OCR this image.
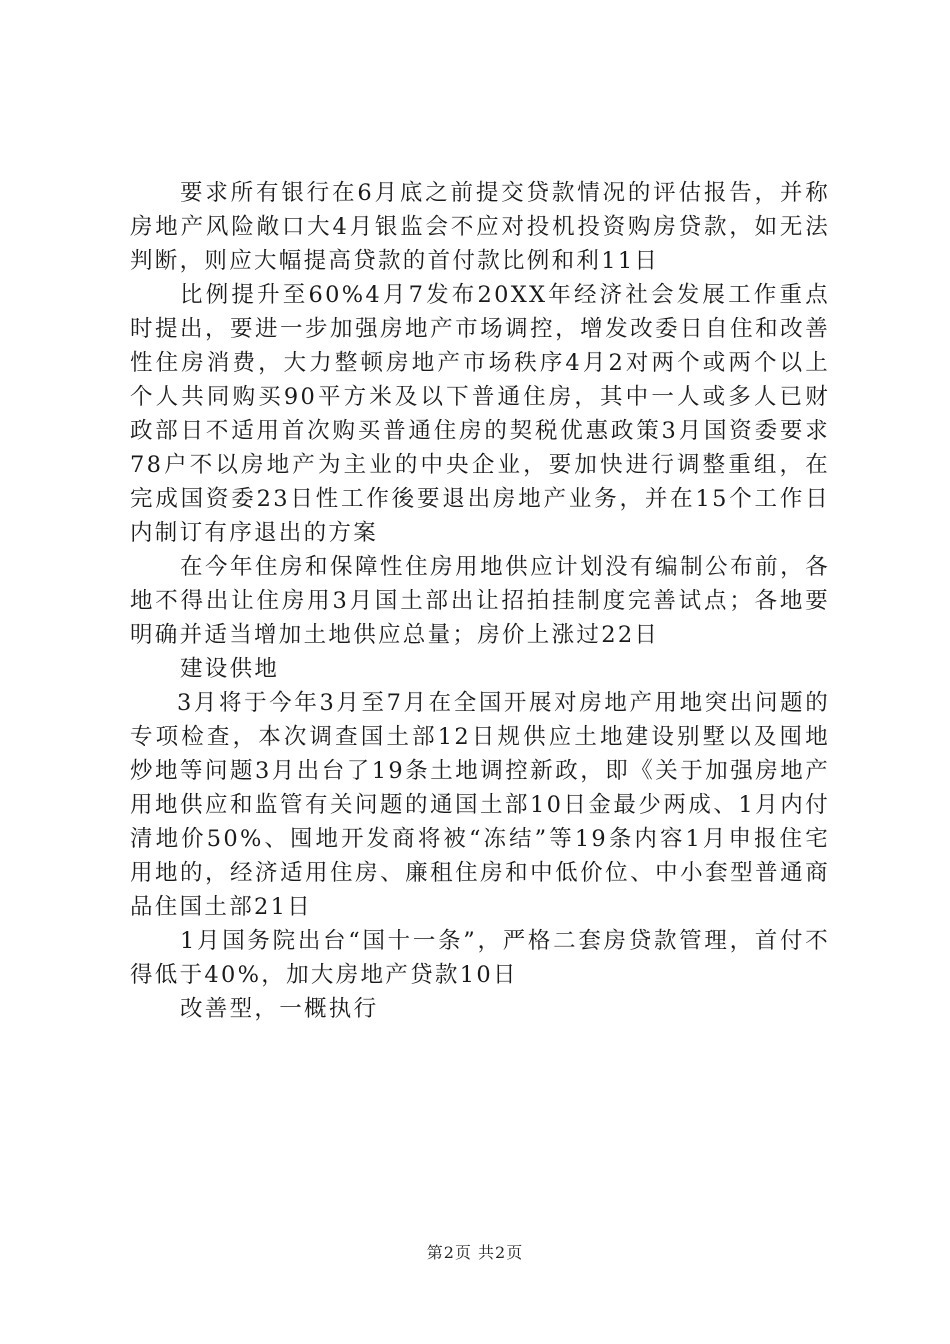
要求所有银行在6月底之前提交贷款情况的评估报告，并称房地产风险敞口大4月银监会不应对投机投资购房贷款，如无法判断，则应大幅提高贷款的首付款比例和利11日

比例提升至60%4月7发布20XX年经济社会发展工作重点时提出，要进一步加强房地产市场调控，增发改委日自住和改善性住房消费，大力整顿房地产市场秩序4月2对两个或两个以上个人共同购买90平方米及以下普通住房，其中一人或多人已财政部日不适用首次购买普通住房的契税优惠政策3月国资委要求78户不以房地产为主业的中央企业，要加快进行调整重组，在完成国资委23日性工作後要退出房地产业务，并在15个工作日内制订有序退出的方案

在今年住房和保障性住房用地供应计划没有编制公布前，各地不得出让住房用3月国土部出让招拍挂制度完善试点；各地要明确并适当增加土地供应总量；房价上涨过22日

建设供地

3月将于今年3月至7月在全国开展对房地产用地突出问题的专项检查，本次调查国土部12日规供应土地建设别墅以及囤地炒地等问题3月出台了19条土地调控新政，即《关于加强房地产用地供应和监管有关问题的通国土部10日金最少两成、1月内付清地价50%、囤地开发商将被“冻结”等19条内容1月申报住宅用地的，经济适用住房、廉租住房和中低价位、中小套型普通商品住国土部21日

1月国务院出台“国十一条”，严格二套房贷款管理，首付不得低于40%，加大房地产贷款10日

改善型，一概执行

第2页 共2页
